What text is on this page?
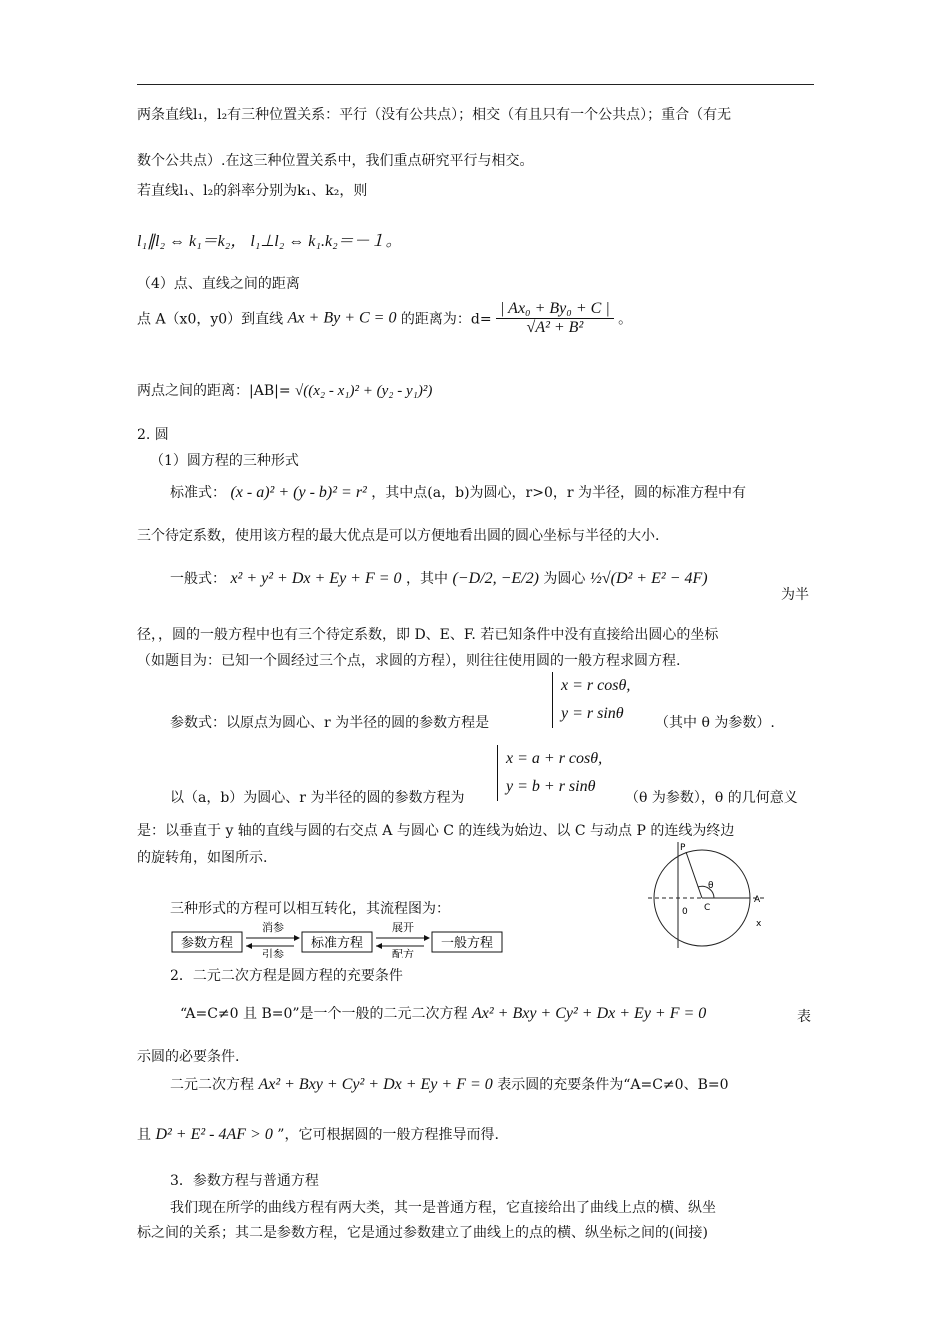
两条直线l₁，l₂有三种位置关系：平行（没有公共点）；相交（有且只有一个公共点）；重合（有无
数个公共点）.在这三种位置关系中，我们重点研究平行与相交。
若直线l₁、l₂的斜率分别为k₁、k₂，则
l₁∥l₂ ⇔ k₁＝k₂， l₁⊥l₂ ⇔ k₁.k₂＝－１。
（4）点、直线之间的距离
点 A（x0，y0）到直线 Ax + By + C = 0 的距离为：$d= \frac{\text{| Ax₀ + By₀ + C |}}{\text{√A² + B²}}$ 。
两点之间的距离：|AB|= √((x₂ - x₁)² + (y₂ - y₁)²)
2. 圆
（1）圆方程的三种形式
标准式： (x - a)² + (y - b)² = r² ，其中点(a，b)为圆心，r>0，r 为半径，圆的标准方程中有
三个待定系数，使用该方程的最大优点是可以方便地看出圆的圆心坐标与半径的大小.
一般式： x² + y² + Dx + Ey + F = 0 ，其中 (−D/2, −E/2) 为圆心 ½√(D² + E² − 4F)
为半
径，，圆的一般方程中也有三个待定系数，即 D、E、F. 若已知条件中没有直接给出圆心的坐标
（如题目为：已知一个圆经过三个点，求圆的方程），则往往使用圆的一般方程求圆方程.
参数式：以原点为圆心、r 为半径的圆的参数方程是
x = r cosθ,
y = r sinθ
（其中 θ 为参数）.
x = a + r cosθ,
y = b + r sinθ
以（a，b）为圆心、r 为半径的圆的参数方程为	（θ 为参数），θ 的几何意义
是：以垂直于 y 轴的直线与圆的右交点 A 与圆心 C 的连线为始边、以 C 与动点 P 的连线为终边
的旋转角，如图所示.
三种形式的方程可以相互转化，其流程图为：
参数方程
消参
引参
标准方程
展开
配方
一般方程
P
θ
0 C
A
x
2．二元二次方程是圆方程的充要条件
“A=C≠0 且 B=0”是一个一般的二元二次方程 Ax² + Bxy + Cy² + Dx + Ey + F = 0	表
示圆的必要条件.
二元二次方程 Ax² + Bxy + Cy² + Dx + Ey + F = 0 表示圆的充要条件为“A=C≠0、B=0
且 D² + E² - 4AF > 0 ”，它可根据圆的一般方程推导而得.
3．参数方程与普通方程
我们现在所学的曲线方程有两大类，其一是普通方程，它直接给出了曲线上点的横、纵坐
标之间的关系；其二是参数方程，它是通过参数建立了曲线上的点的横、纵坐标之间的(间接)
